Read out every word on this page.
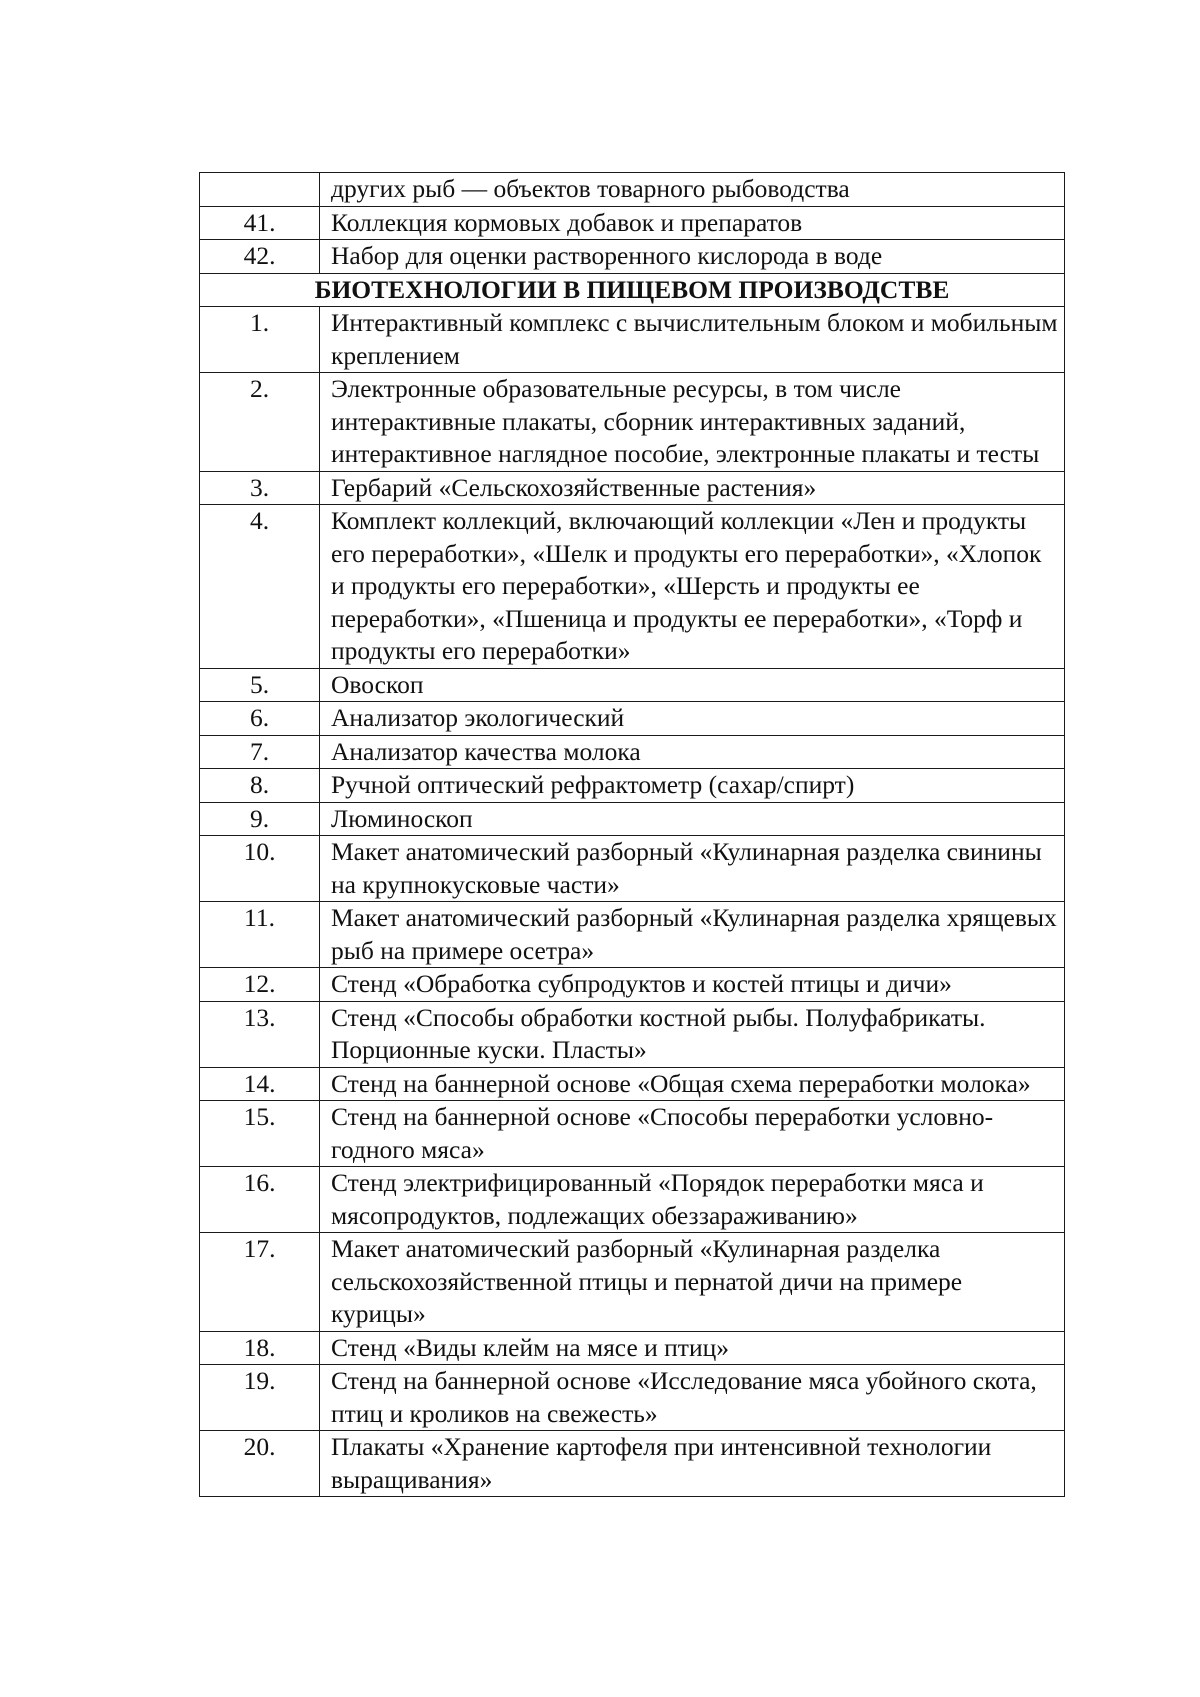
	других рыб — объектов товарного рыбоводства
41.	Коллекция кормовых добавок и препаратов
42.	Набор для оценки растворенного кислорода в воде
БИОТЕХНОЛОГИИ В ПИЩЕВОМ ПРОИЗВОДСТВЕ	
1.	Интерактивный комплекс с вычислительным блоком и мобильным креплением
2.	Электронные образовательные ресурсы, в том числе интерактивные плакаты, сборник интерактивных заданий, интерактивное наглядное пособие, электронные плакаты и тесты
3.	Гербарий «Сельскохозяйственные растения»
4.	Комплект коллекций, включающий коллекции «Лен и продукты его переработки», «Шелк и продукты его переработки», «Хлопок и продукты его переработки», «Шерсть и продукты ее переработки», «Пшеница и продукты ее переработки», «Торф и продукты его переработки»
5.	Овоскоп
6.	Анализатор экологический
7.	Анализатор качества молока
8.	Ручной оптический рефрактометр (сахар/спирт)
9.	Люминоскоп
10.	Макет анатомический разборный «Кулинарная разделка свинины на крупнокусковые части»
11.	Макет анатомический разборный «Кулинарная разделка хрящевых рыб на примере осетра»
12.	Стенд «Обработка субпродуктов и костей птицы и дичи»
13.	Стенд «Способы обработки костной рыбы. Полуфабрикаты. Порционные куски. Пласты»
14.	Стенд на баннерной основе «Общая схема переработки молока»
15.	Стенд на баннерной основе «Способы переработки условно-годного мяса»
16.	Стенд электрифицированный «Порядок переработки мяса и мясопродуктов, подлежащих обеззараживанию»
17.	Макет анатомический разборный «Кулинарная разделка сельскохозяйственной птицы и пернатой дичи на примере курицы»
18.	Стенд «Виды клейм на мясе и птиц»
19.	Стенд на баннерной основе «Исследование мяса убойного скота, птиц и кроликов на свежесть»
20.	Плакаты «Хранение картофеля при интенсивной технологии выращивания»
